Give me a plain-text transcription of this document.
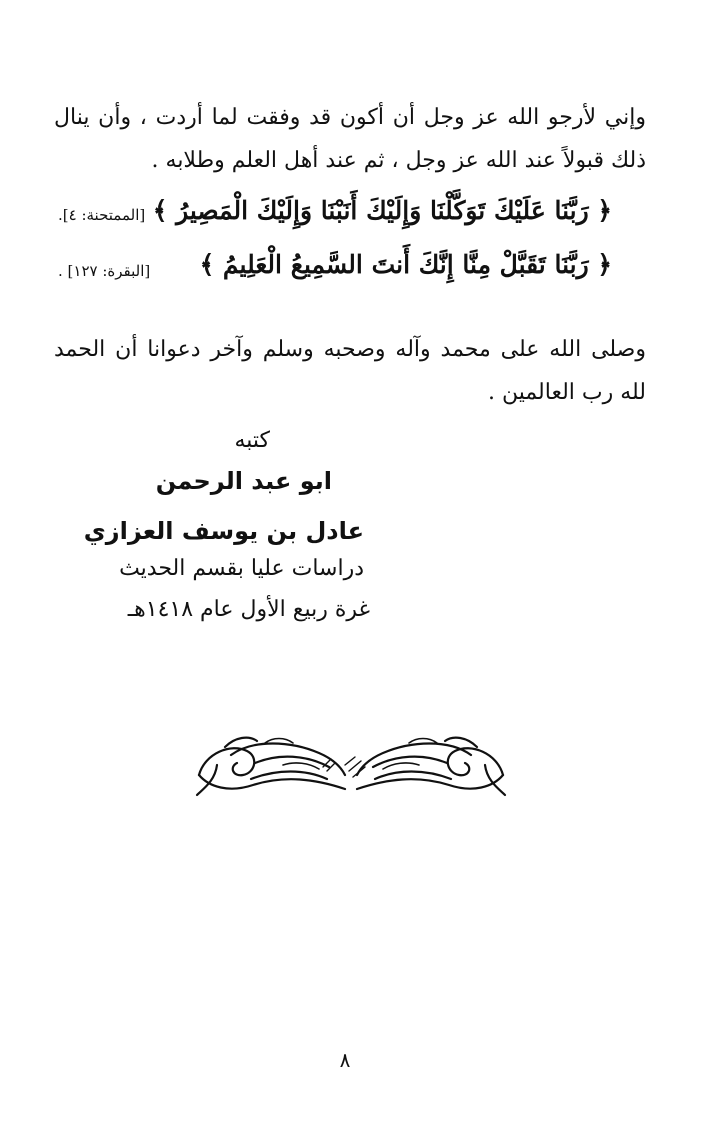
وإني لأرجو الله عز وجل أن أكون قد وفقت لما أردت ، وأن ينال
ذلك قبولاً عند الله عز وجل ، ثم عند أهل العلم وطلابه .
﴿ رَبَّنَا عَلَيْكَ تَوَكَّلْنَا وَإِلَيْكَ أَنَبْنَا وَإِلَيْكَ الْمَصِيرُ ﴾
[الممتحنة: ٤].
﴿ رَبَّنَا تَقَبَّلْ مِنَّا إِنَّكَ أَنتَ السَّمِيعُ الْعَلِيمُ ﴾
[البقرة: ١٢٧] .
وصلى الله على محمد وآله وصحبه وسلم وآخر دعوانا أن الحمد
لله رب العالمين .
كتبه
ابو عبد الرحمن
عادل بن يوسف العزازي
دراسات عليا بقسم الحديث
غرة ربيع الأول عام ١٤١٨هـ
٨
